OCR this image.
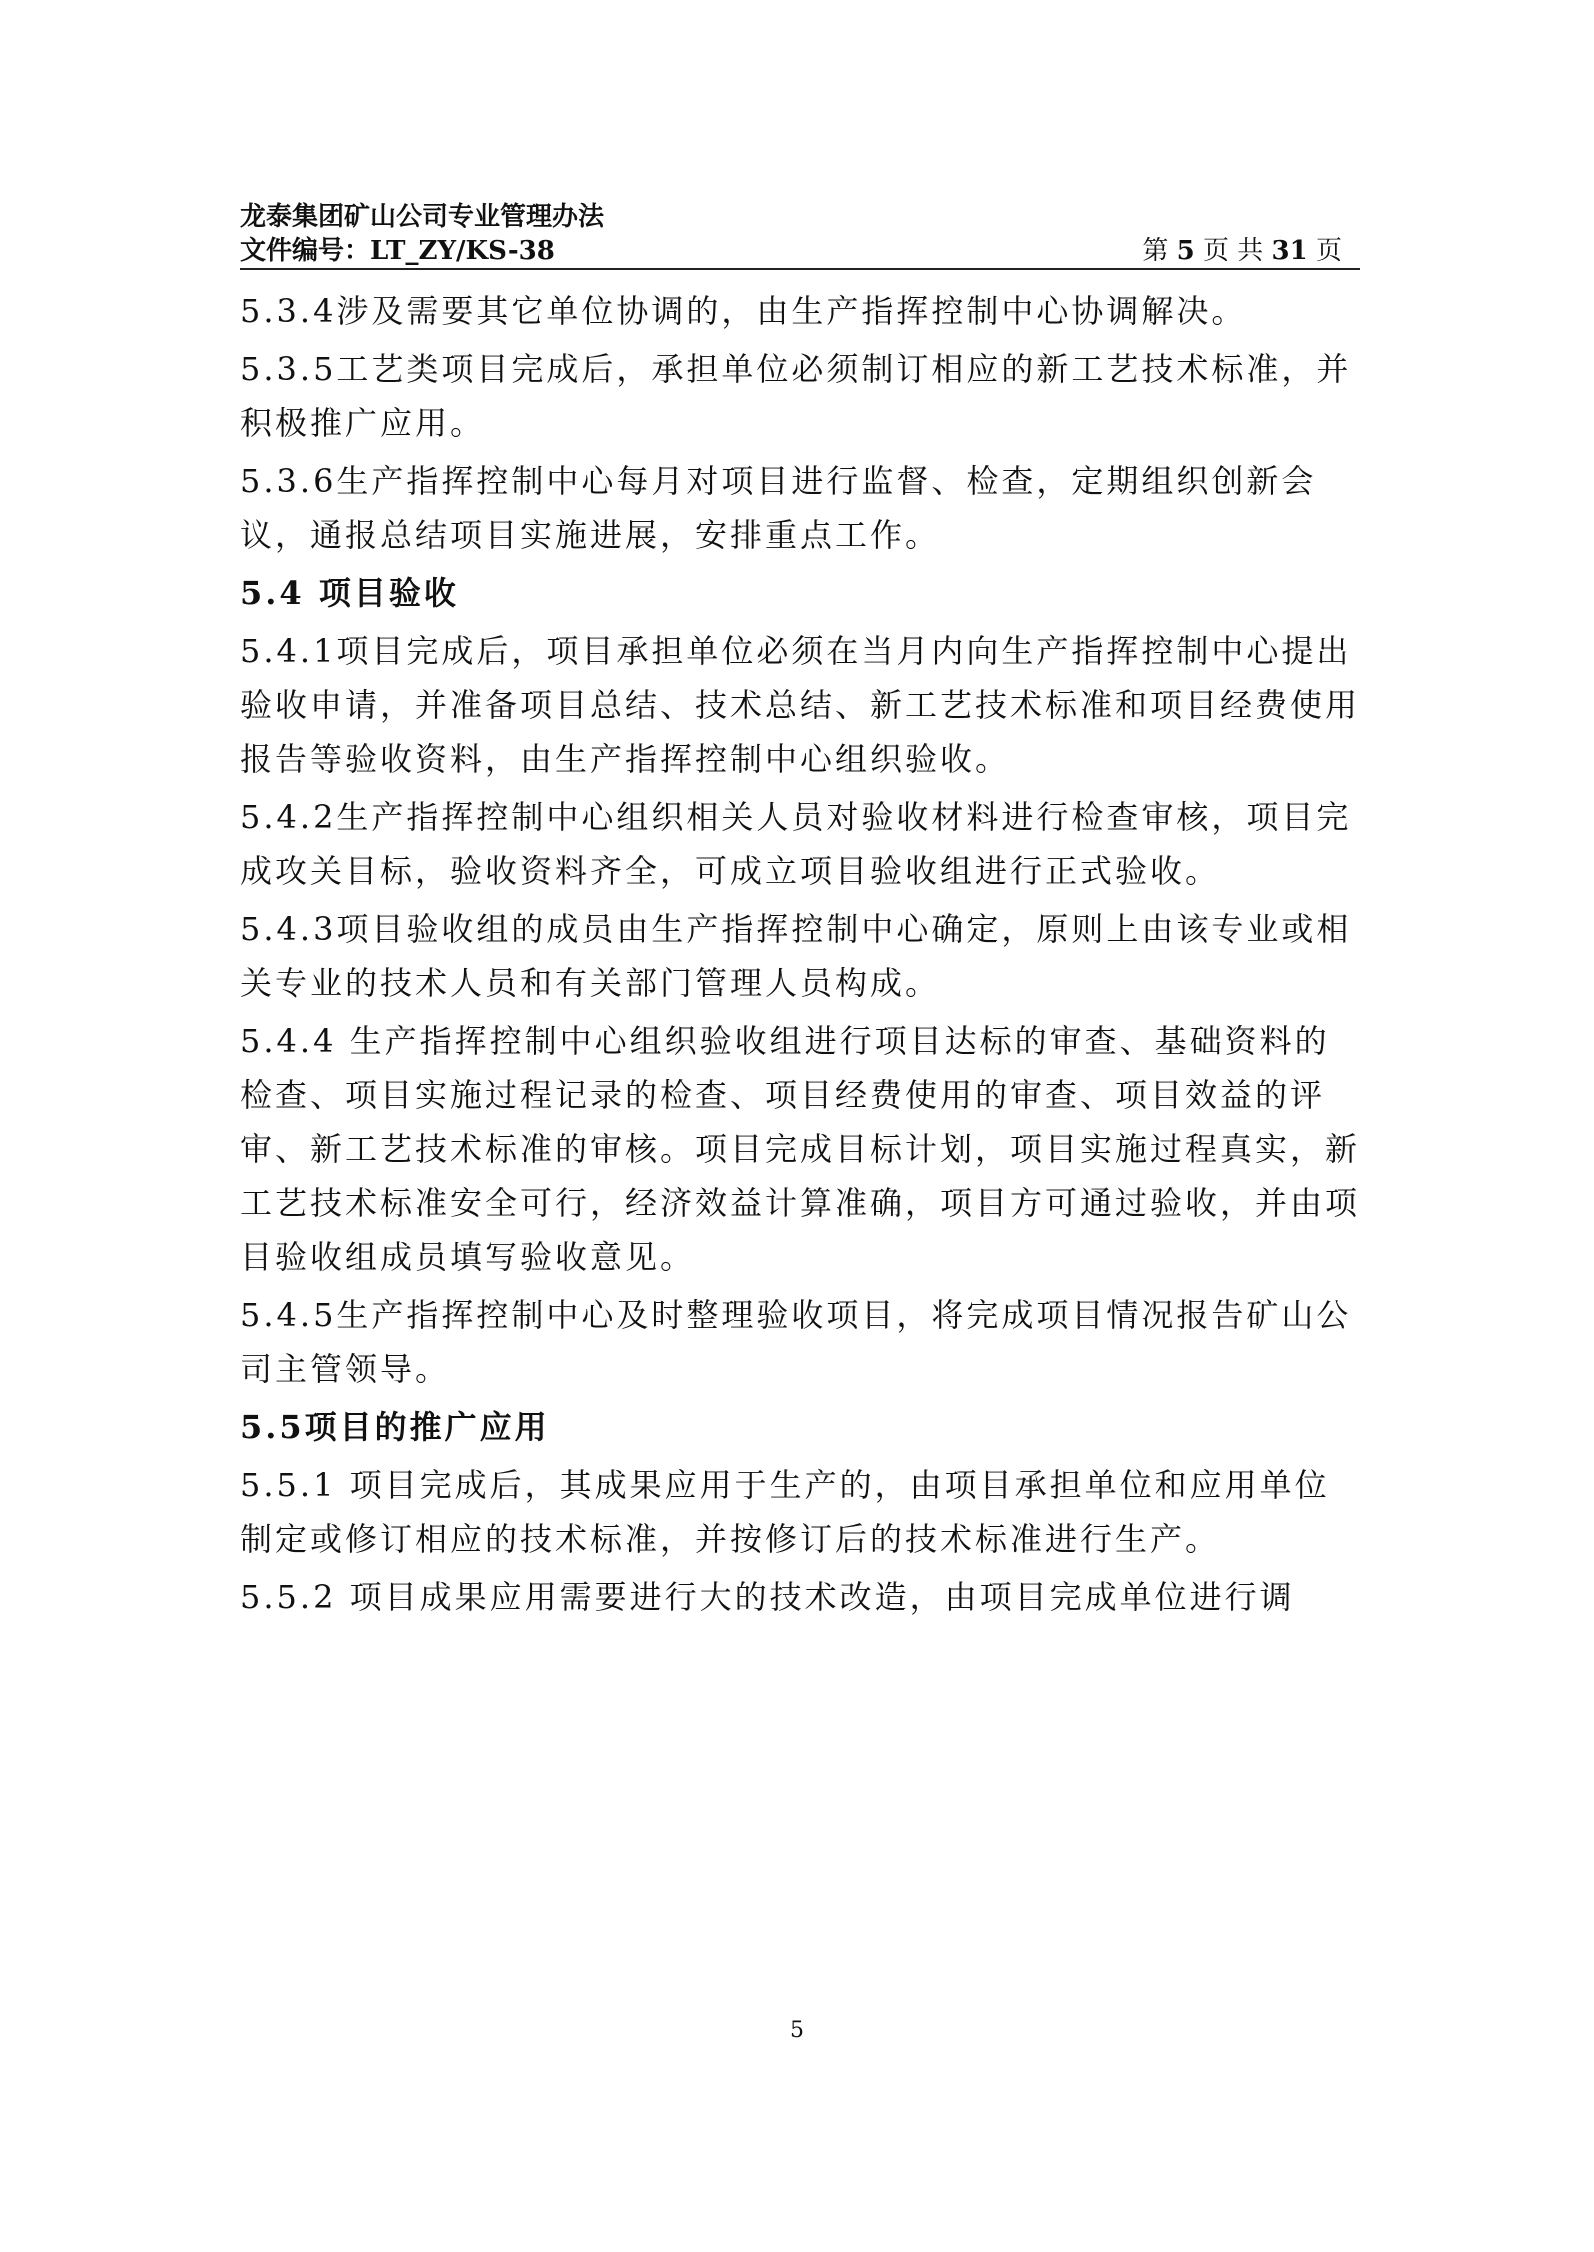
龙泰集团矿山公司专业管理办法
文件编号：LT_ZY/KS-38	第 5 页 共 31 页
5.3.4涉及需要其它单位协调的，由生产指挥控制中心协调解决。
5.3.5工艺类项目完成后，承担单位必须制订相应的新工艺技术标准，并积极推广应用。
5.3.6生产指挥控制中心每月对项目进行监督、检查，定期组织创新会议，通报总结项目实施进展，安排重点工作。
5.4 项目验收
5.4.1项目完成后，项目承担单位必须在当月内向生产指挥控制中心提出验收申请，并准备项目总结、技术总结、新工艺技术标准和项目经费使用报告等验收资料，由生产指挥控制中心组织验收。
5.4.2生产指挥控制中心组织相关人员对验收材料进行检查审核，项目完成攻关目标，验收资料齐全，可成立项目验收组进行正式验收。
5.4.3项目验收组的成员由生产指挥控制中心确定，原则上由该专业或相关专业的技术人员和有关部门管理人员构成。
5.4.4 生产指挥控制中心组织验收组进行项目达标的审查、基础资料的检查、项目实施过程记录的检查、项目经费使用的审查、项目效益的评审、新工艺技术标准的审核。项目完成目标计划，项目实施过程真实，新工艺技术标准安全可行，经济效益计算准确，项目方可通过验收，并由项目验收组成员填写验收意见。
5.4.5生产指挥控制中心及时整理验收项目，将完成项目情况报告矿山公司主管领导。
5.5项目的推广应用
5.5.1 项目完成后，其成果应用于生产的，由项目承担单位和应用单位制定或修订相应的技术标准，并按修订后的技术标准进行生产。
5.5.2 项目成果应用需要进行大的技术改造，由项目完成单位进行调
5
